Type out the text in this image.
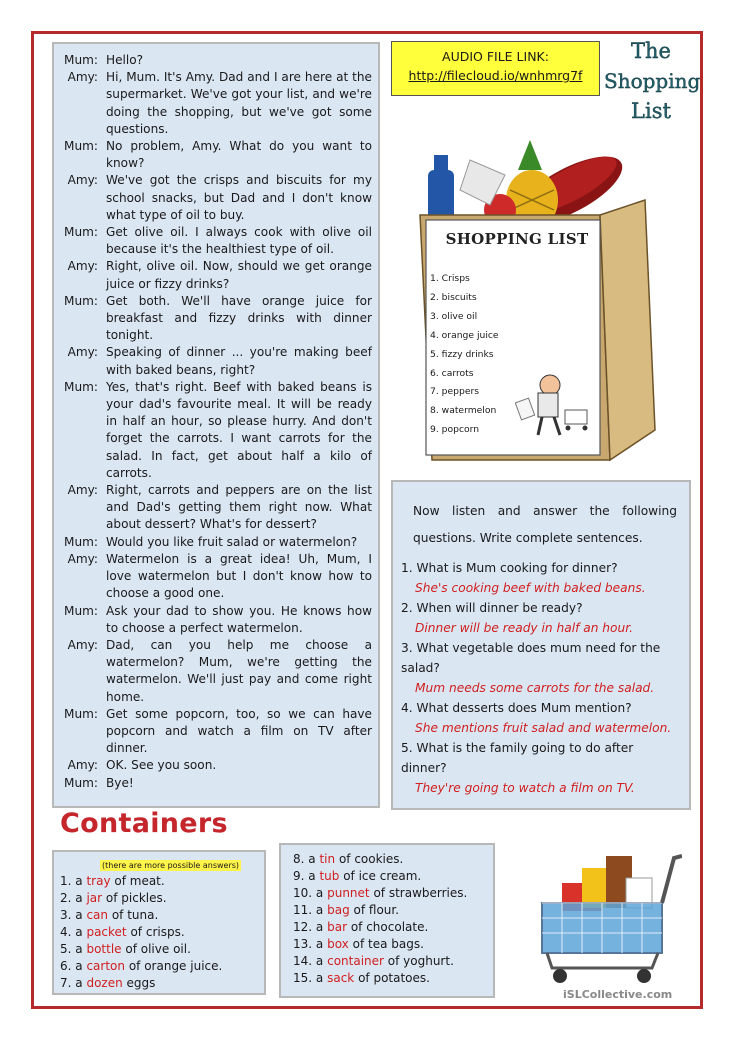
Mum: Hello?
Amy: Hi, Mum. It's Amy. Dad and I are here at the supermarket. We've got your list, and we're doing the shopping, but we've got some questions.
Mum: No problem, Amy. What do you want to know?
Amy: We've got the crisps and biscuits for my school snacks, but Dad and I don't know what type of oil to buy.
Mum: Get olive oil. I always cook with olive oil because it's the healthiest type of oil.
Amy: Right, olive oil. Now, should we get orange juice or fizzy drinks?
Mum: Get both. We'll have orange juice for breakfast and fizzy drinks with dinner tonight.
Amy: Speaking of dinner ... you're making beef with baked beans, right?
Mum: Yes, that's right. Beef with baked beans is your dad's favourite meal. It will be ready in half an hour, so please hurry. And don't forget the carrots. I want carrots for the salad. In fact, get about half a kilo of carrots.
Amy: Right, carrots and peppers are on the list and Dad's getting them right now. What about dessert? What's for dessert?
Mum: Would you like fruit salad or watermelon?
Amy: Watermelon is a great idea! Uh, Mum, I love watermelon but I don't know how to choose a good one.
Mum: Ask your dad to show you. He knows how to choose a perfect watermelon.
Amy: Dad, can you help me choose a watermelon? Mum, we're getting the watermelon. We'll just pay and come right home.
Mum: Get some popcorn, too, so we can have popcorn and watch a film on TV after dinner.
Amy: OK. See you soon.
Mum: Bye!
AUDIO FILE LINK:
http://filecloud.io/wnhmrg7f
The
Shopping
List
SHOPPING LIST
1. Crisps
2. biscuits
3. olive oil
4. orange juice
5. fizzy drinks
6. carrots
7. peppers
8. watermelon
9. popcorn
Now listen and answer the following questions. Write complete sentences.
1. What is Mum cooking for dinner?
She's cooking beef with baked beans.
2. When will dinner be ready?
Dinner will be ready in half an hour.
3. What vegetable does mum need for the salad?
Mum needs some carrots for the salad.
4. What desserts does Mum mention?
She mentions fruit salad and watermelon.
5. What is the family going to do after dinner?
They're going to watch a film on TV.
Containers
(there are more possible answers)
1. a tray of meat.
2. a jar of pickles.
3. a can of tuna.
4. a packet of crisps.
5. a bottle of olive oil.
6. a carton of orange juice.
7. a dozen eggs
8. a tin of cookies.
9. a tub of ice cream.
10. a punnet of strawberries.
11. a bag of flour.
12. a bar of chocolate.
13. a box of tea bags.
14. a container of yoghurt.
15. a sack of potatoes.
iSLCollective.com
